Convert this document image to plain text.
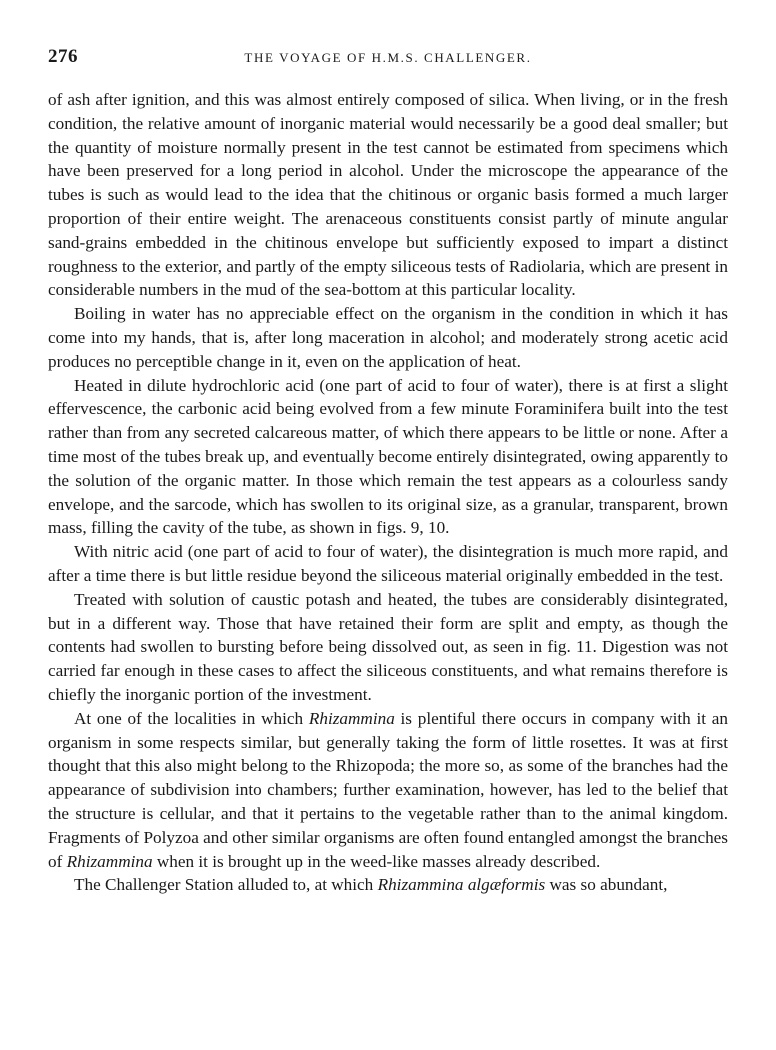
276	THE VOYAGE OF H.M.S. CHALLENGER.

of ash after ignition, and this was almost entirely composed of silica. When living, or in the fresh condition, the relative amount of inorganic material would necessarily be a good deal smaller; but the quantity of moisture normally present in the test cannot be estimated from specimens which have been preserved for a long period in alcohol. Under the microscope the appearance of the tubes is such as would lead to the idea that the chitinous or organic basis formed a much larger proportion of their entire weight. The arenaceous constituents consist partly of minute angular sand-grains embedded in the chitinous envelope but sufficiently exposed to impart a distinct roughness to the exterior, and partly of the empty siliceous tests of Radiolaria, which are present in considerable numbers in the mud of the sea-bottom at this particular locality.

Boiling in water has no appreciable effect on the organism in the condition in which it has come into my hands, that is, after long maceration in alcohol; and moderately strong acetic acid produces no perceptible change in it, even on the application of heat.

Heated in dilute hydrochloric acid (one part of acid to four of water), there is at first a slight effervescence, the carbonic acid being evolved from a few minute Foraminifera built into the test rather than from any secreted calcareous matter, of which there appears to be little or none. After a time most of the tubes break up, and eventually become entirely disintegrated, owing apparently to the solution of the organic matter. In those which remain the test appears as a colourless sandy envelope, and the sarcode, which has swollen to its original size, as a granular, transparent, brown mass, filling the cavity of the tube, as shown in figs. 9, 10.

With nitric acid (one part of acid to four of water), the disintegration is much more rapid, and after a time there is but little residue beyond the siliceous material originally embedded in the test.

Treated with solution of caustic potash and heated, the tubes are considerably disintegrated, but in a different way. Those that have retained their form are split and empty, as though the contents had swollen to bursting before being dissolved out, as seen in fig. 11. Digestion was not carried far enough in these cases to affect the siliceous constituents, and what remains therefore is chiefly the inorganic portion of the investment.

At one of the localities in which Rhizammina is plentiful there occurs in company with it an organism in some respects similar, but generally taking the form of little rosettes. It was at first thought that this also might belong to the Rhizopoda; the more so, as some of the branches had the appearance of subdivision into chambers; further examination, however, has led to the belief that the structure is cellular, and that it pertains to the vegetable rather than to the animal kingdom. Fragments of Polyzoa and other similar organisms are often found entangled amongst the branches of Rhizammina when it is brought up in the weed-like masses already described.

The Challenger Station alluded to, at which Rhizammina algæformis was so abundant,
